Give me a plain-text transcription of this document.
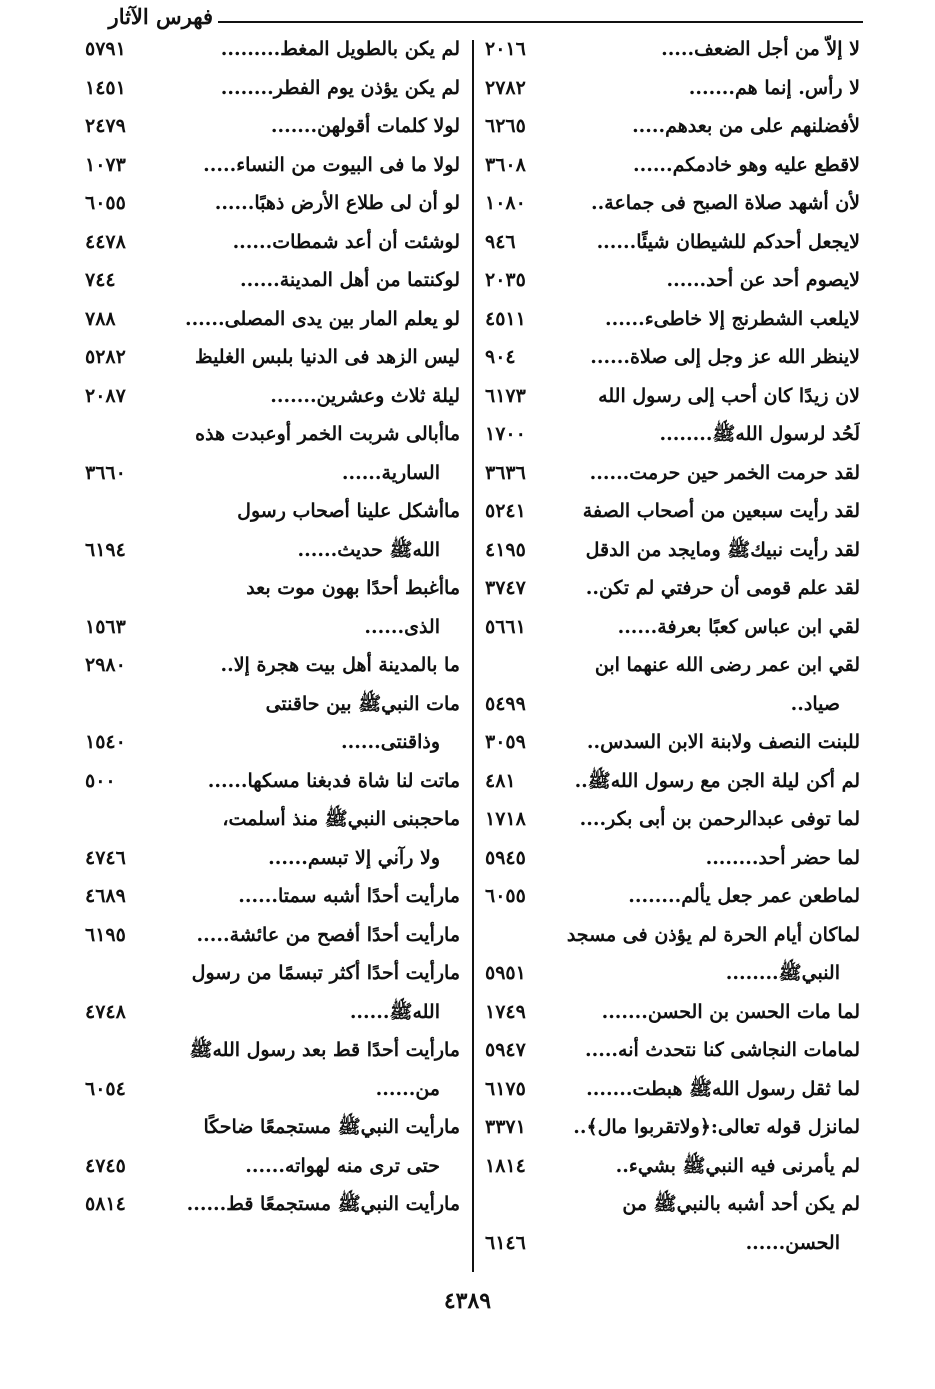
فهرس الآثار
لا إلاّ من أجل الضعف.....
٢٠١٦
لا رأس. إنما هم.......
٢٧٨٢
لأفضلنهم على من بعدهم.....
٦٢٦٥
لاقطع عليه وهو خادمكم......
٣٦٠٨
لأن أشهد صلاة الصبح فى جماعة..
١٠٨٠
لايجعل أحدكم للشيطان شيئًا......
٩٤٦
لايصوم أحد عن أحد......
٢٠٣٥
لايلعب الشطرنج إلا خاطىء......
٤٥١١
لاينظر الله عز وجل إلى صلاة......
٩٠٤
لان زيدًا كان أحب إلى رسول الله
٦١٧٣
لَحُد لرسول اللهﷺ........
١٧٠٠
لقد حرمت الخمر حين حرمت......
٣٦٣٦
لقد رأيت سبعين من أصحاب الصفة
٥٢٤١
لقد رأيت نبيكﷺ ومايجد من الدقل
٤١٩٥
لقد علم قومى أن حرفتي لم تكن..
٣٧٤٧
لقي ابن عباس كعبًا بعرفة......
٥٦٦١
لقي ابن عمر رضى الله عنهما ابن
صياد..
٥٤٩٩
للبنت النصف ولابنة الابن السدس..
٣٠٥٩
لم أكن ليلة الجن مع رسول اللهﷺ..
٤٨١
لما توفى عبدالرحمن بن أبى بكر....
١٧١٨
لما حضر أحد........
٥٩٤٥
لماطعن عمر جعل يألم........
٦٠٥٥
لماكان أيام الحرة لم يؤذن فى مسجد
النبيﷺ........
٥٩٥١
لما مات الحسن بن الحسن.......
١٧٤٩
لمامات النجاشى كنا نتحدث أنه.....
٥٩٤٧
لما ثقل رسول اللهﷺ هبطت.......
٦١٧٥
لمانزل قوله تعالى:﴿ولاتقربوا مال﴾..
٣٣٧١
لم يأمرنى فيه النبيﷺ بشيء..
١٨١٤
لم يكن أحد أشبه بالنبيﷺ من
الحسن......
٦١٤٦
لم يكن بالطويل المغط.........
٥٧٩١
لم يكن يؤذن يوم الفطر........
١٤٥١
لولا كلمات أقولهن.......
٢٤٧٩
لولا ما فى البيوت من النساء.....
١٠٧٣
لو أن لى طلاع الأرض ذهبًا......
٦٠٥٥
لوشئت أن أعد شمطات......
٤٤٧٨
لوكنتما من أهل المدينة......
٧٤٤
لو يعلم المار بين يدى المصلى......
٧٨٨
ليس الزهد فى الدنيا بلبس الغليظ
٥٢٨٢
ليلة ثلاث وعشرين.......
٢٠٨٧
ماأبالى شربت الخمر أوعبدت هذه
السارية......
٣٦٦٠
ماأشكل علينا أصحاب رسول
اللهﷺ حديث......
٦١٩٤
ماأغبط أحدًا بهون موت بعد
الذى......
١٥٦٣
ما بالمدينة أهل بيت هجرة إلا..
٢٩٨٠
مات النبيﷺ بين حاقنتى
وذاقنتى......
١٥٤٠
ماتت لنا شاة فدبغنا مسكها......
٥٠٠
ماحجبنى النبيﷺ منذ أسلمت،
ولا رآني إلا تبسم......
٤٧٤٦
مارأيت أحدًا أشبه سمتا......
٤٦٨٩
مارأيت أحدًا أفصح من عائشة.....
٦١٩٥
مارأيت أحدًا أكثر تبسمًا من رسول
اللهﷺ......
٤٧٤٨
مارأيت أحدًا قط بعد رسول اللهﷺ
من......
٦٠٥٤
مارأيت النبيﷺ مستجمعًا ضاحكًا
حتى ترى منه لهواته......
٤٧٤٥
مارأيت النبيﷺ مستجمعًا قط......
٥٨١٤
٤٣٨٩
